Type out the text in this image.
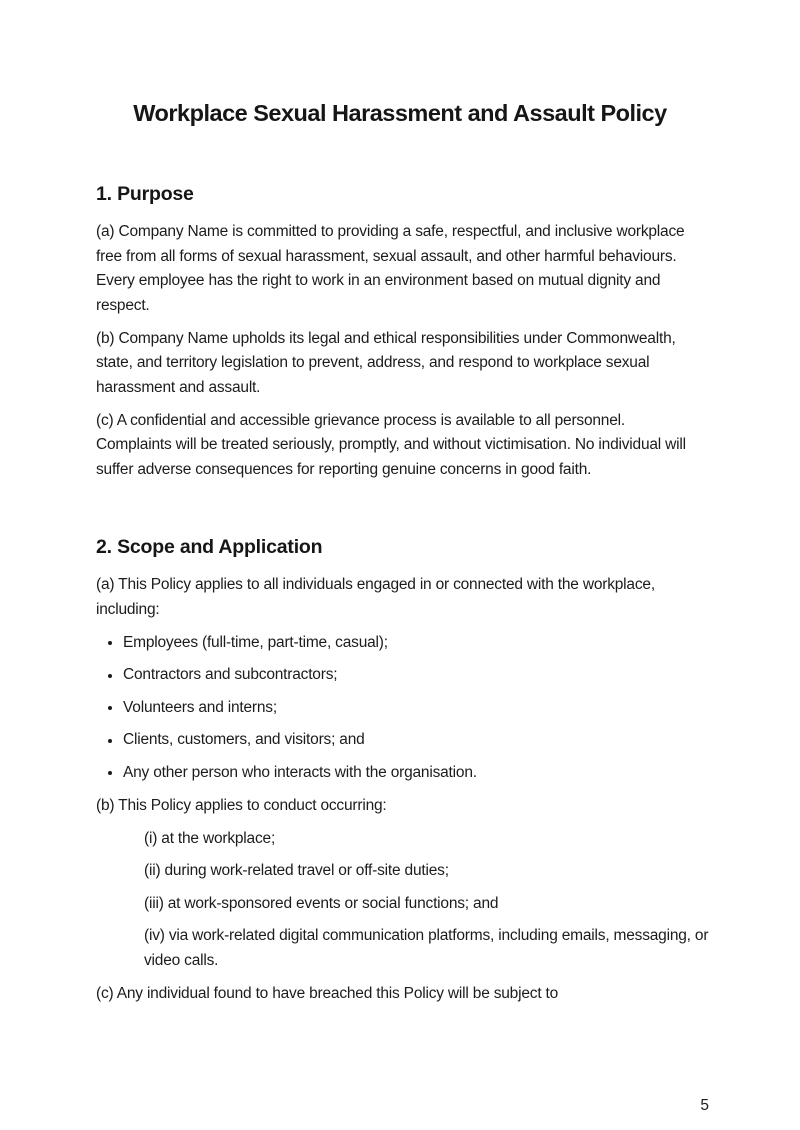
Workplace Sexual Harassment and Assault Policy
1. Purpose

(a) Company Name is committed to providing a safe, respectful, and inclusive workplace free from all forms of sexual harassment, sexual assault, and other harmful behaviours. Every employee has the right to work in an environment based on mutual dignity and respect.

(b) Company Name upholds its legal and ethical responsibilities under Commonwealth, state, and territory legislation to prevent, address, and respond to workplace sexual harassment and assault.

(c) A confidential and accessible grievance process is available to all personnel. Complaints will be treated seriously, promptly, and without victimisation. No individual will suffer adverse consequences for reporting genuine concerns in good faith.

2. Scope and Application

(a) This Policy applies to all individuals engaged in or connected with the workplace, including:

Employees (full-time, part-time, casual);
Contractors and subcontractors;
Volunteers and interns;
Clients, customers, and visitors; and
Any other person who interacts with the organisation.

(b) This Policy applies to conduct occurring:

(i) at the workplace;
(ii) during work-related travel or off-site duties;
(iii) at work-sponsored events or social functions; and
(iv) via work-related digital communication platforms, including emails, messaging, or video calls.

(c) Any individual found to have breached this Policy will be subject to

5
